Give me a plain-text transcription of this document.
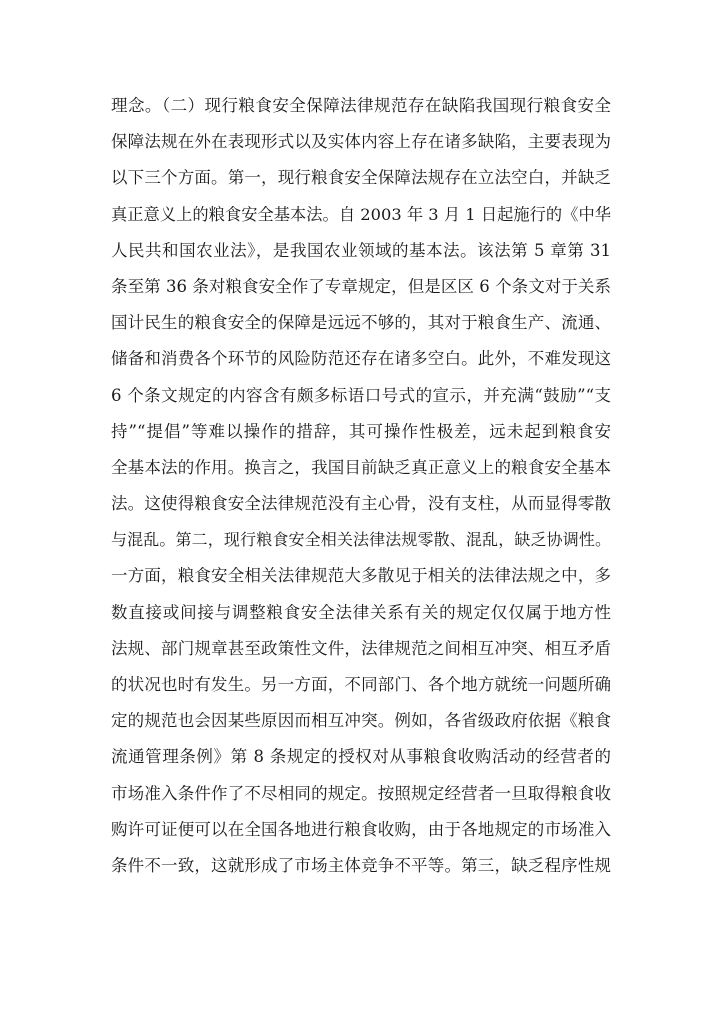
理念。（二）现行粮食安全保障法律规范存在缺陷我国现行粮食安全
保障法规在外在表现形式以及实体内容上存在诸多缺陷，主要表现为
以下三个方面。第一，现行粮食安全保障法规存在立法空白，并缺乏
真正意义上的粮食安全基本法。自 2003 年 3 月 1 日起施行的《中华
人民共和国农业法》，是我国农业领域的基本法。该法第 5 章第 31
条至第 36 条对粮食安全作了专章规定，但是区区 6 个条文对于关系
国计民生的粮食安全的保障是远远不够的，其对于粮食生产、流通、
储备和消费各个环节的风险防范还存在诸多空白。此外，不难发现这
6 个条文规定的内容含有颇多标语口号式的宣示，并充满“鼓励”“支
持”“提倡”等难以操作的措辞，其可操作性极差，远未起到粮食安
全基本法的作用。换言之，我国目前缺乏真正意义上的粮食安全基本
法。这使得粮食安全法律规范没有主心骨，没有支柱，从而显得零散
与混乱。第二，现行粮食安全相关法律法规零散、混乱，缺乏协调性。
一方面，粮食安全相关法律规范大多散见于相关的法律法规之中，多
数直接或间接与调整粮食安全法律关系有关的规定仅仅属于地方性
法规、部门规章甚至政策性文件，法律规范之间相互冲突、相互矛盾
的状况也时有发生。另一方面，不同部门、各个地方就统一问题所确
定的规范也会因某些原因而相互冲突。例如，各省级政府依据《粮食
流通管理条例》第 8 条规定的授权对从事粮食收购活动的经营者的
市场准入条件作了不尽相同的规定。按照规定经营者一旦取得粮食收
购许可证便可以在全国各地进行粮食收购，由于各地规定的市场准入
条件不一致，这就形成了市场主体竞争不平等。第三，缺乏程序性规
